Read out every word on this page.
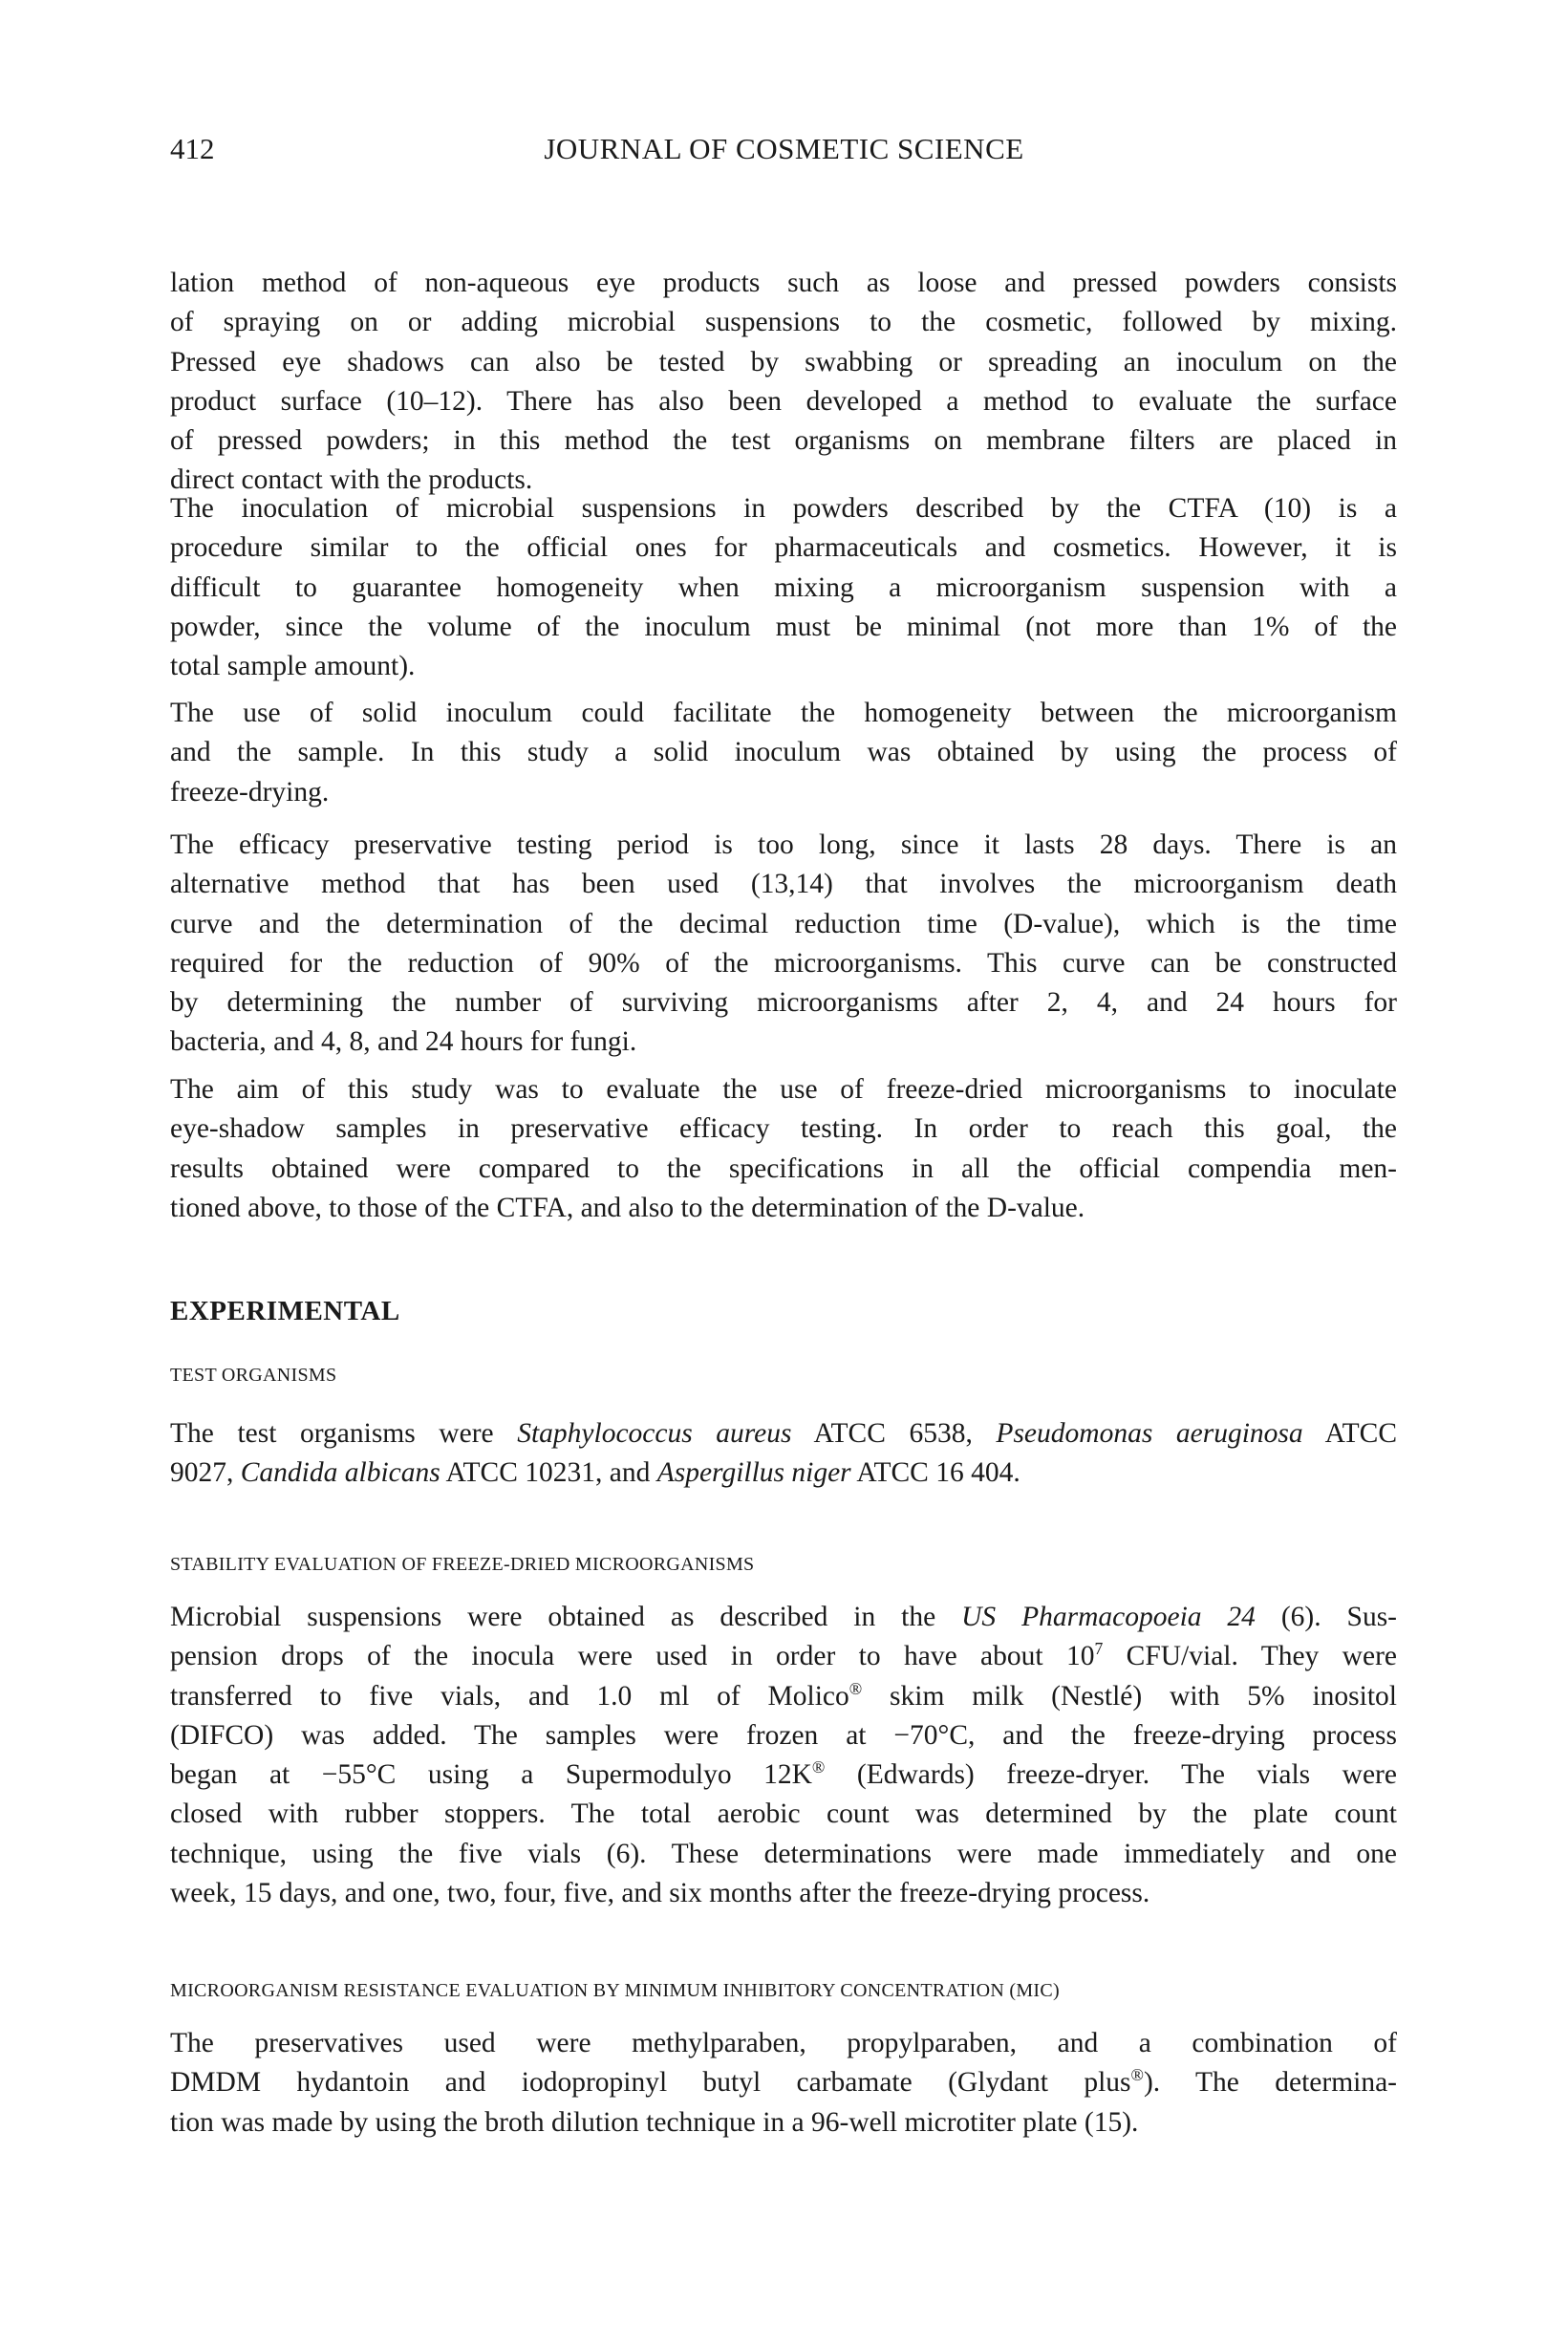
412	JOURNAL OF COSMETIC SCIENCE
lation method of non-aqueous eye products such as loose and pressed powders consists
of spraying on or adding microbial suspensions to the cosmetic, followed by mixing.
Pressed eye shadows can also be tested by swabbing or spreading an inoculum on the
product surface (10–12). There has also been developed a method to evaluate the surface
of pressed powders; in this method the test organisms on membrane filters are placed in
direct contact with the products.
The inoculation of microbial suspensions in powders described by the CTFA (10) is a
procedure similar to the official ones for pharmaceuticals and cosmetics. However, it is
difficult to guarantee homogeneity when mixing a microorganism suspension with a
powder, since the volume of the inoculum must be minimal (not more than 1% of the
total sample amount).
The use of solid inoculum could facilitate the homogeneity between the microorganism
and the sample. In this study a solid inoculum was obtained by using the process of
freeze-drying.
The efficacy preservative testing period is too long, since it lasts 28 days. There is an
alternative method that has been used (13,14) that involves the microorganism death
curve and the determination of the decimal reduction time (D-value), which is the time
required for the reduction of 90% of the microorganisms. This curve can be constructed
by determining the number of surviving microorganisms after 2, 4, and 24 hours for
bacteria, and 4, 8, and 24 hours for fungi.
The aim of this study was to evaluate the use of freeze-dried microorganisms to inoculate
eye-shadow samples in preservative efficacy testing. In order to reach this goal, the
results obtained were compared to the specifications in all the official compendia men-
tioned above, to those of the CTFA, and also to the determination of the D-value.
EXPERIMENTAL
TEST ORGANISMS
The test organisms were Staphylococcus aureus ATCC 6538, Pseudomonas aeruginosa ATCC
9027, Candida albicans ATCC 10231, and Aspergillus niger ATCC 16 404.
STABILITY EVALUATION OF FREEZE-DRIED MICROORGANISMS
Microbial suspensions were obtained as described in the US Pharmacopoeia 24 (6). Sus-
pension drops of the inocula were used in order to have about $10^7$ CFU/vial. They were
transferred to five vials, and 1.0 ml of Molico® skim milk (Nestlé) with 5% inositol
(DIFCO) was added. The samples were frozen at −70°C, and the freeze-drying process
began at −55°C using a Supermodulyo 12K® (Edwards) freeze-dryer. The vials were
closed with rubber stoppers. The total aerobic count was determined by the plate count
technique, using the five vials (6). These determinations were made immediately and one
week, 15 days, and one, two, four, five, and six months after the freeze-drying process.
MICROORGANISM RESISTANCE EVALUATION BY MINIMUM INHIBITORY CONCENTRATION (MIC)
The preservatives used were methylparaben, propylparaben, and a combination of
DMDM hydantoin and iodopropinyl butyl carbamate (Glydant plus®). The determina-
tion was made by using the broth dilution technique in a 96-well microtiter plate (15).
